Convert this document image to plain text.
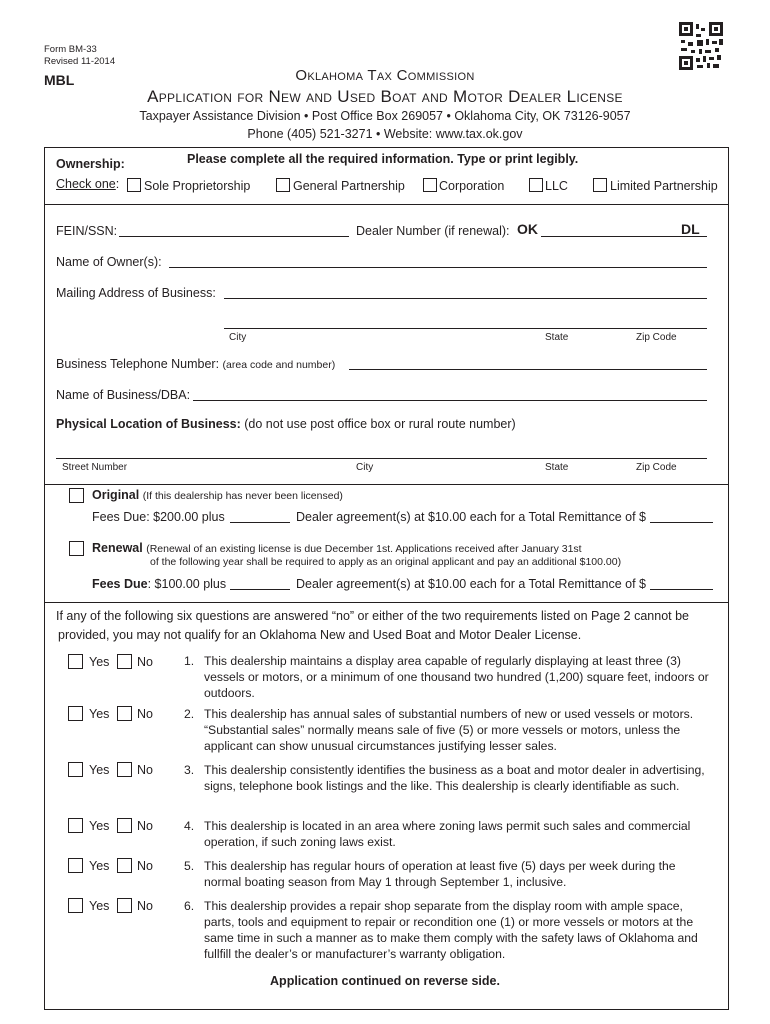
Form BM-33
Revised 11-2014
MBL	Oklahoma Tax Commission
Application for New and Used Boat and Motor Dealer License
Taxpayer Assistance Division • Post Office Box 269057 • Oklahoma City, OK 73126-9057
Phone (405) 521-3271 • Website: www.tax.ok.gov
Please complete all the required information. Type or print legibly.
Ownership:
Check one: Sole Proprietorship	General Partnership	Corporation	LLC	Limited Partnership
FEIN/SSN:	Dealer Number (if renewal): OK	DL
Name of Owner(s):
Mailing Address of Business:
City	State	Zip Code
Business Telephone Number: (area code and number)
Name of Business/DBA:
Physical Location of Business: (do not use post office box or rural route number)
Street Number	City	State	Zip Code
Original (If this dealership has never been licensed)
Fees Due: $200.00 plus	Dealer agreement(s) at $10.00 each for a Total Remittance of $
Renewal (Renewal of an existing license is due December 1st. Applications received after January 31st
of the following year shall be required to apply as an original applicant and pay an additional $100.00)
Fees Due: $100.00 plus	Dealer agreement(s) at $10.00 each for a Total Remittance of $
If any of the following six questions are answered “no” or either of the two requirements listed on Page 2 cannot be
provided, you may not qualify for an Oklahoma New and Used Boat and Motor Dealer License.
Yes No	1. This dealership maintains a display area capable of regularly displaying at least three (3) vessels or motors, or a minimum of one thousand two hundred (1,200) square feet, indoors or outdoors.
Yes No	2. This dealership has annual sales of substantial numbers of new or used vessels or motors. “Substantial sales” normally means sale of five (5) or more vessels or motors, unless the applicant can show unusual circumstances justifying lesser sales.
Yes No	3. This dealership consistently identifies the business as a boat and motor dealer in advertising, signs, telephone book listings and the like. This dealership is clearly identifiable as such.
Yes No	4. This dealership is located in an area where zoning laws permit such sales and commercial operation, if such zoning laws exist.
Yes No	5. This dealership has regular hours of operation at least five (5) days per week during the normal boating season from May 1 through September 1, inclusive.
Yes No	6. This dealership provides a repair shop separate from the display room with ample space, parts, tools and equipment to repair or recondition one (1) or more vessels or motors at the same time in such a manner as to make them comply with the safety laws of Oklahoma and fullfill the dealer’s or manufacturer’s warranty obligation.
Application continued on reverse side.
